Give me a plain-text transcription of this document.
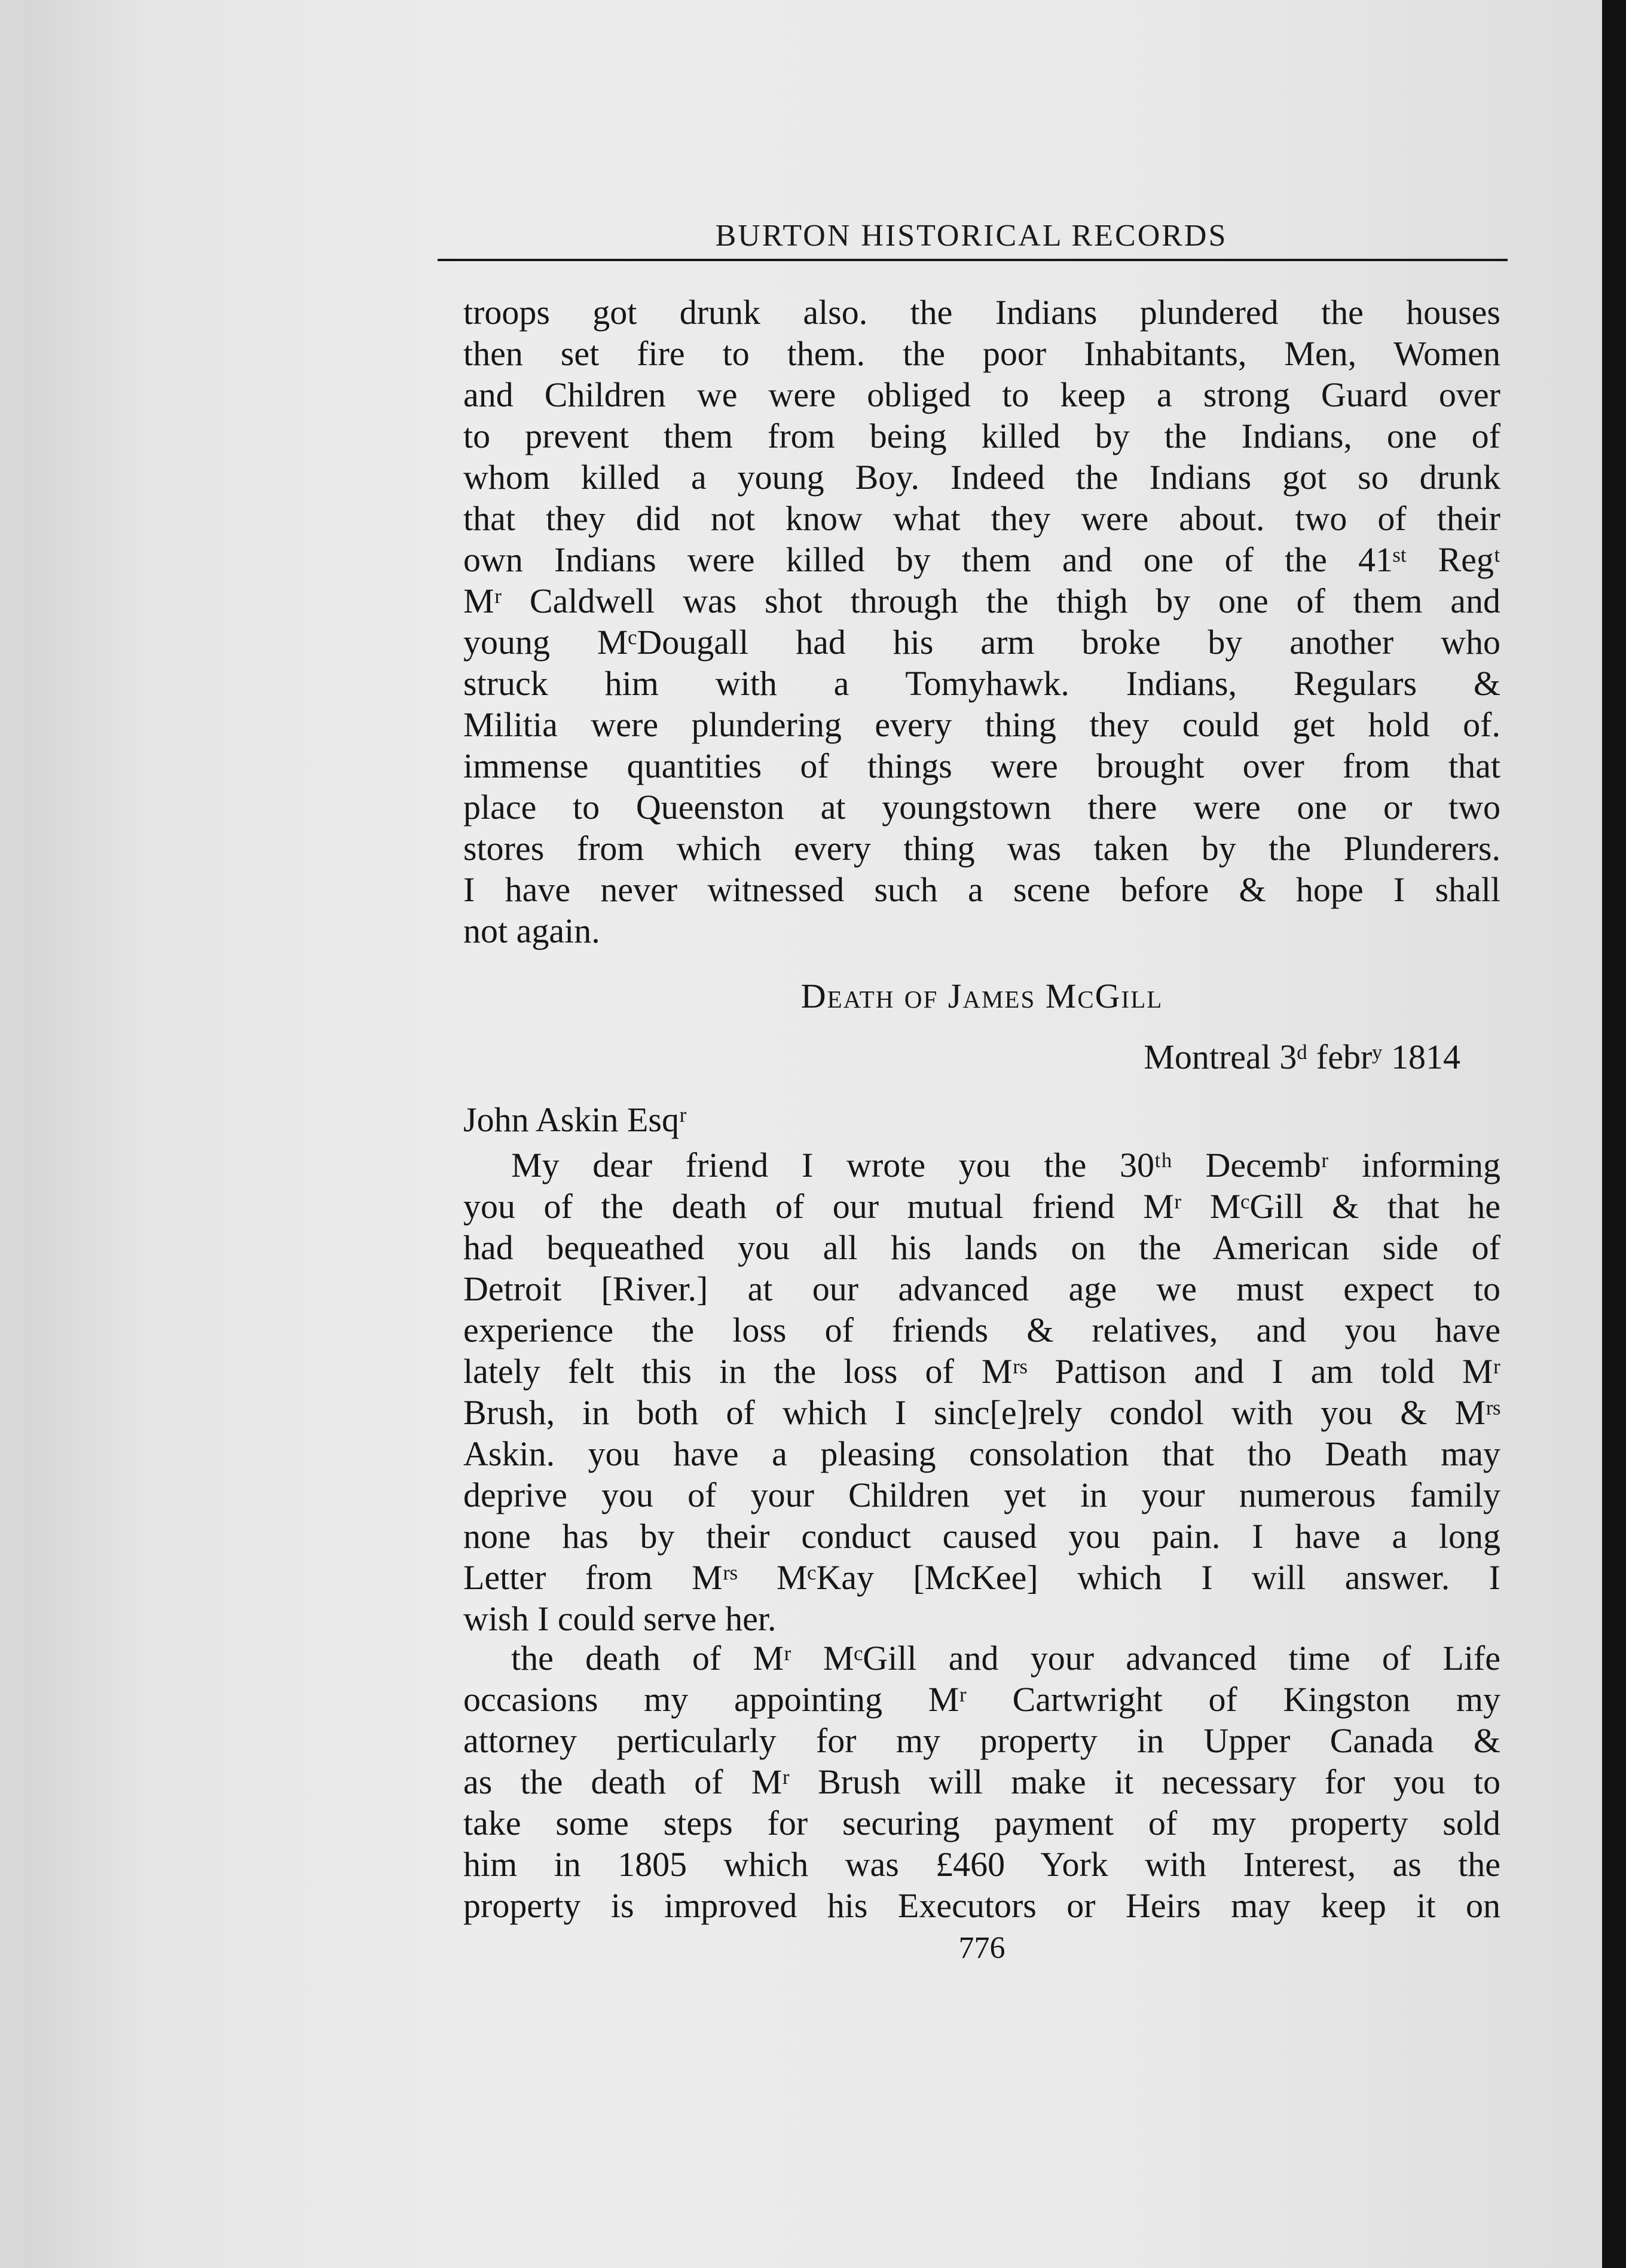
BURTON HISTORICAL RECORDS
troops got drunk also. the Indians plundered the houses
then set fire to them. the poor Inhabitants, Men, Women
and Children we were obliged to keep a strong Guard over
to prevent them from being killed by the Indians, one of
whom killed a young Boy. Indeed the Indians got so drunk
that they did not know what they were about. two of their
own Indians were killed by them and one of the 41ˢᵗ Regᵗ
Mʳ Caldwell was shot through the thigh by one of them and
young MᶜDougall had his arm broke by another who
struck him with a Tomyhawk. Indians, Regulars &
Militia were plundering every thing they could get hold of.
immense quantities of things were brought over from that
place to Queenston at youngstown there were one or two
stores from which every thing was taken by the Plunderers.
I have never witnessed such a scene before & hope I shall
not again.
Death of James McGill
Montreal 3ᵈ febrʸ 1814
John Askin Esqʳ
My dear friend I wrote you the 30ᵗʰ Decembʳ informing
you of the death of our mutual friend Mʳ MᶜGill & that he
had bequeathed you all his lands on the American side of
Detroit [River.] at our advanced age we must expect to
experience the loss of friends & relatives, and you have
lately felt this in the loss of Mʳˢ Pattison and I am told Mʳ
Brush, in both of which I sinc[e]rely condol with you & Mʳˢ
Askin. you have a pleasing consolation that tho Death may
deprive you of your Children yet in your numerous family
none has by their conduct caused you pain. I have a long
Letter from Mʳˢ MᶜKay [McKee] which I will answer. I
wish I could serve her.
the death of Mʳ MᶜGill and your advanced time of Life
occasions my appointing Mʳ Cartwright of Kingston my
attorney perticularly for my property in Upper Canada &
as the death of Mʳ Brush will make it necessary for you to
take some steps for securing payment of my property sold
him in 1805 which was £460 York with Interest, as the
property is improved his Executors or Heirs may keep it on
776
